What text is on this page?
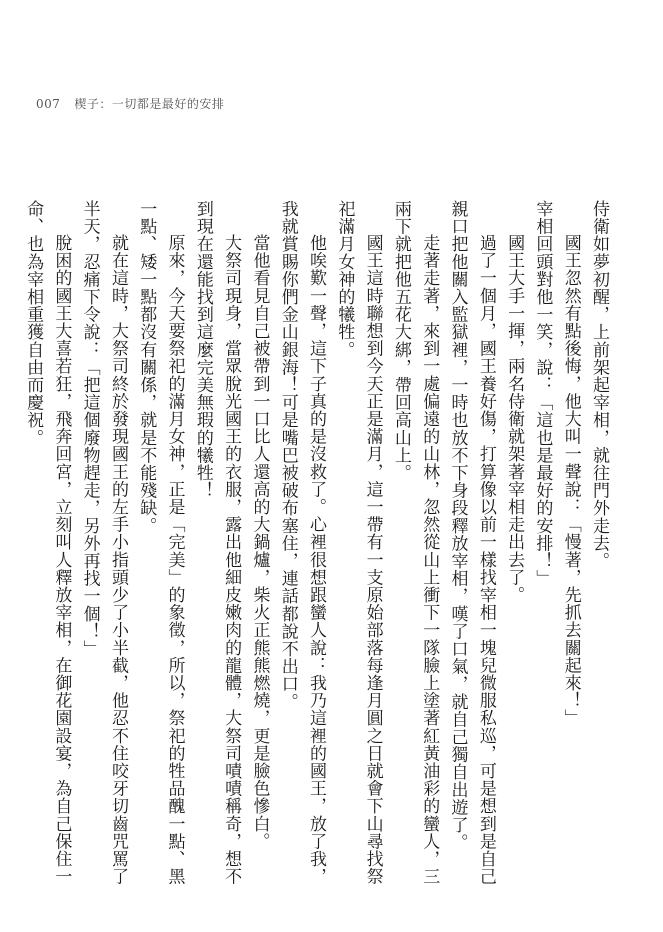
007 楔子：一切都是最好的安排

侍衛如夢初醒，上前架起宰相，就往門外走去。

國王忽然有點後悔，他大叫一聲說：「慢著，先抓去關起來！」

宰相回頭對他一笑，說：「這也是最好的安排！」

國王大手一揮，兩名侍衛就架著宰相走出去了。

過了一個月，國王養好傷，打算像以前一樣找宰相一塊兒微服私巡，可是想到是自己親口把他關入監獄裡，一時也放不下身段釋放宰相，嘆了口氣，就自己獨自出遊了。

走著走著，來到一處偏遠的山林，忽然從山上衝下一隊臉上塗著紅黃油彩的蠻人，三兩下就把他五花大綁，帶回高山上。

國王這時聯想到今天正是滿月，這一帶有一支原始部落每逢月圓之日就會下山尋找祭祀滿月女神的犧牲。

他唉歎一聲，這下子真的是沒救了。心裡很想跟蠻人說：我乃這裡的國王，放了我，我就賞賜你們金山銀海！可是嘴巴被破布塞住，連話都說不出口。

當他看見自己被帶到一口比人還高的大鍋爐，柴火正熊熊燃燒，更是臉色慘白。

大祭司現身，當眾脫光國王的衣服，露出他細皮嫩肉的龍體，大祭司嘖嘖稱奇，想不到現在還能找到這麼完美無瑕的犧牲！

原來，今天要祭祀的滿月女神，正是「完美」的象徵，所以，祭祀的牲品醜一點、黑一點、矮一點都沒有關係，就是不能殘缺。

就在這時，大祭司終於發現國王的左手小指頭少了小半截，他忍不住咬牙切齒咒罵了半天，忍痛下令說：「把這個廢物趕走，另外再找一個！」

脫困的國王大喜若狂，飛奔回宮，立刻叫人釋放宰相，在御花園設宴，為自己保住一命、也為宰相重獲自由而慶祝。
